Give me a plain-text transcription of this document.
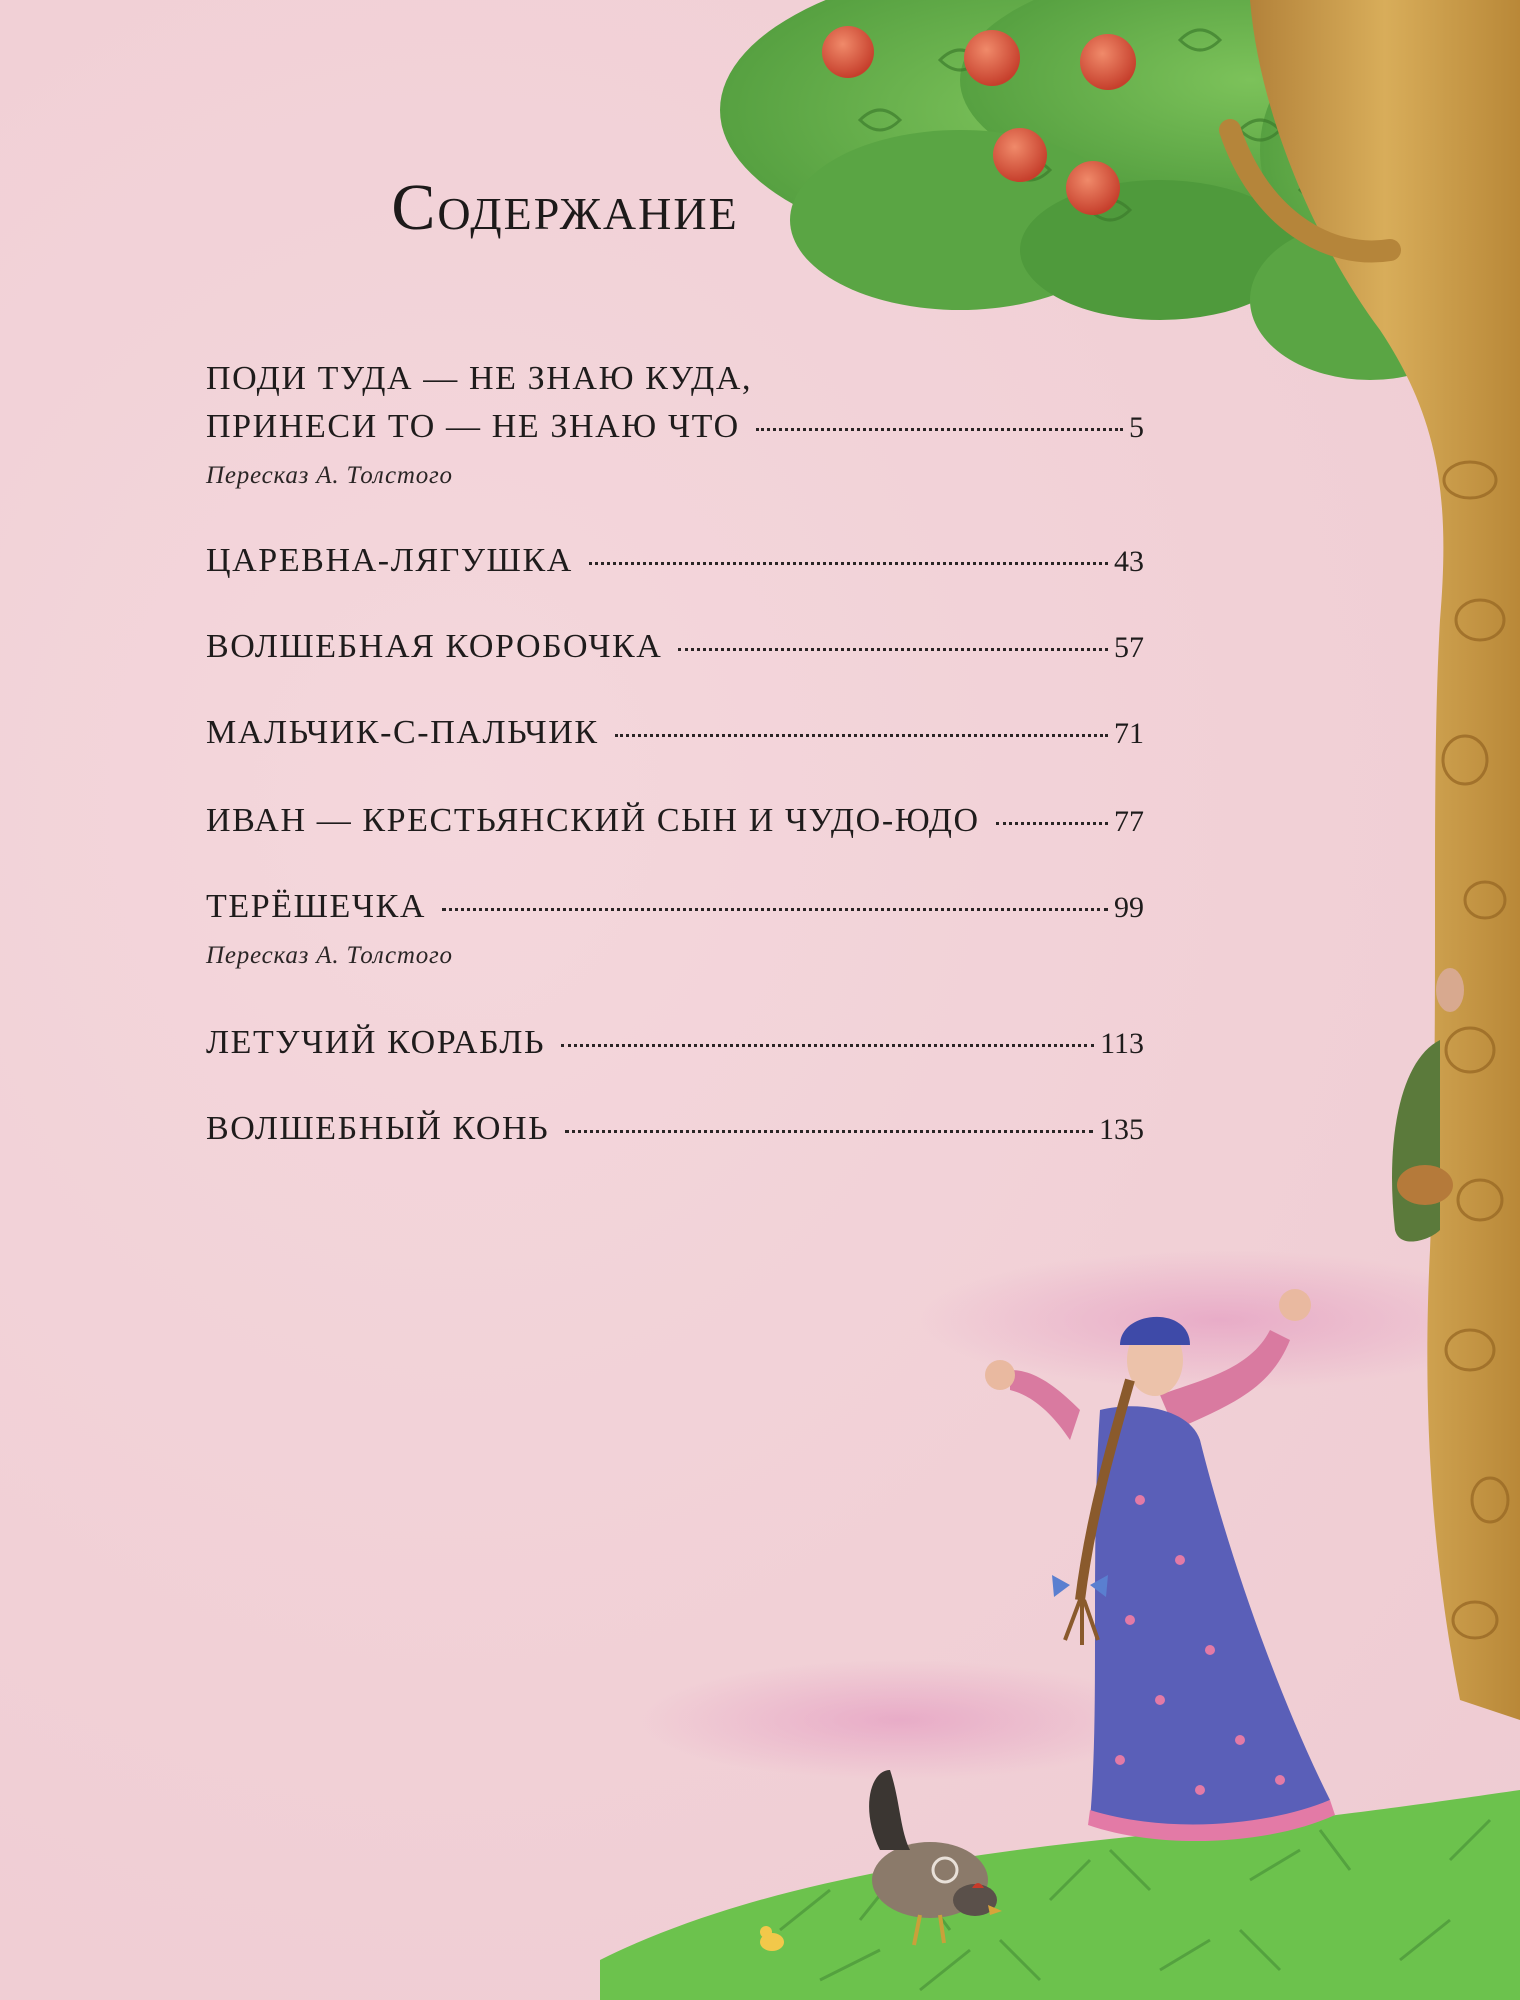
Содержание
ПОДИ ТУДА — НЕ ЗНАЮ КУДА,
ПРИНЕСИ ТО — НЕ ЗНАЮ ЧТО	5
Пересказ А. Толстого
ЦАРЕВНА-ЛЯГУШКА	43
ВОЛШЕБНАЯ КОРОБОЧКА	57
МАЛЬЧИК-С-ПАЛЬЧИК	71
ИВАН — КРЕСТЬЯНСКИЙ СЫН И ЧУДО-ЮДО	77
ТЕРЁШЕЧКА	99
Пересказ А. Толстого
ЛЕТУЧИЙ КОРАБЛЬ	113
ВОЛШЕБНЫЙ КОНЬ	135
